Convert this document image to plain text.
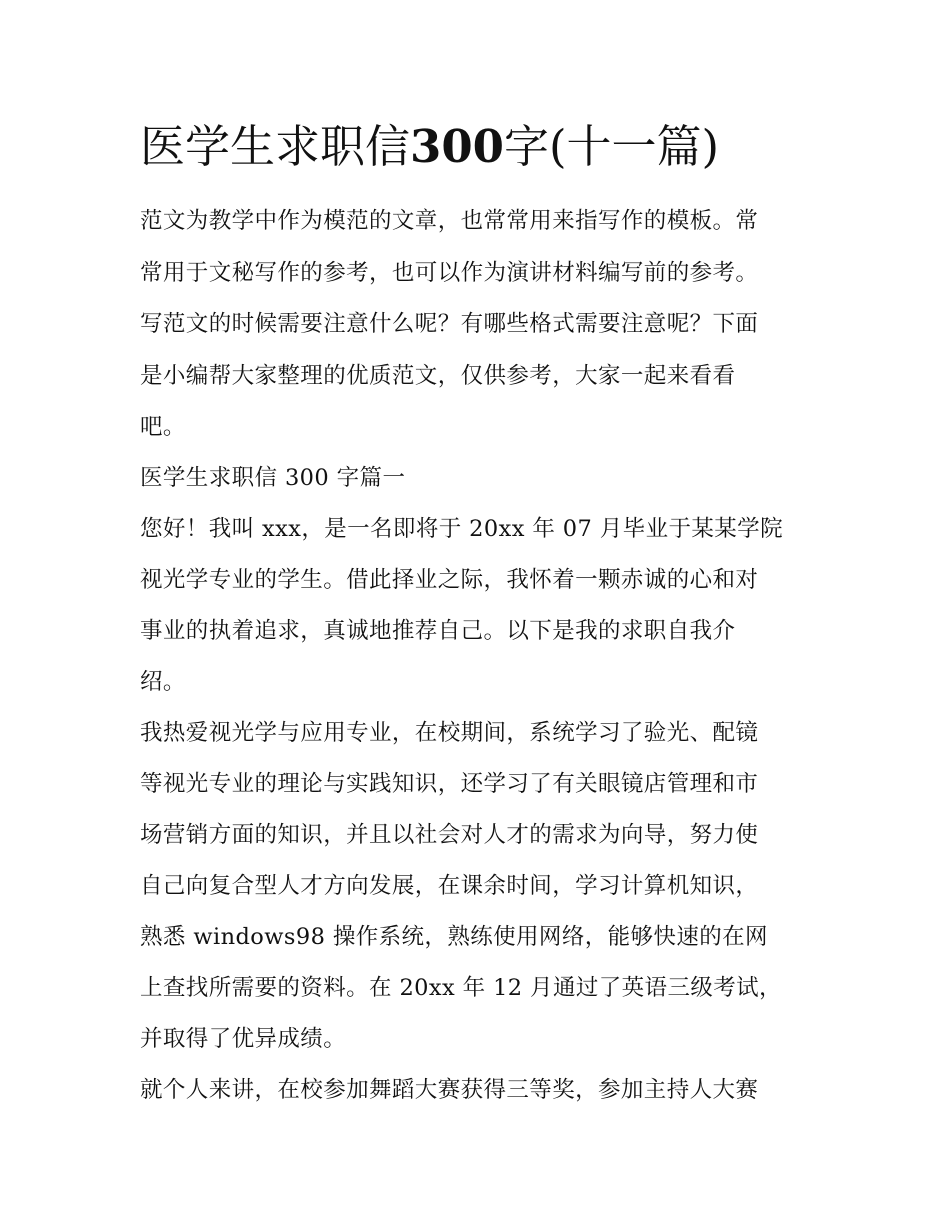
医学生求职信300字(十一篇)

范文为教学中作为模范的文章，也常常用来指写作的模板。常

常用于文秘写作的参考，也可以作为演讲材料编写前的参考。

写范文的时候需要注意什么呢？有哪些格式需要注意呢？下面

是小编帮大家整理的优质范文，仅供参考，大家一起来看看

吧。

医学生求职信 300 字篇一

您好！我叫 xxx，是一名即将于 20xx 年 07 月毕业于某某学院

视光学专业的学生。借此择业之际，我怀着一颗赤诚的心和对

事业的执着追求，真诚地推荐自己。以下是我的求职自我介

绍。

我热爱视光学与应用专业，在校期间，系统学习了验光、配镜

等视光专业的理论与实践知识，还学习了有关眼镜店管理和市

场营销方面的知识，并且以社会对人才的需求为向导，努力使

自己向复合型人才方向发展，在课余时间，学习计算机知识，

熟悉 windows98 操作系统，熟练使用网络，能够快速的在网

上查找所需要的资料。在 20xx 年 12 月通过了英语三级考试，

并取得了优异成绩。

就个人来讲，在校参加舞蹈大赛获得三等奖，参加主持人大赛
